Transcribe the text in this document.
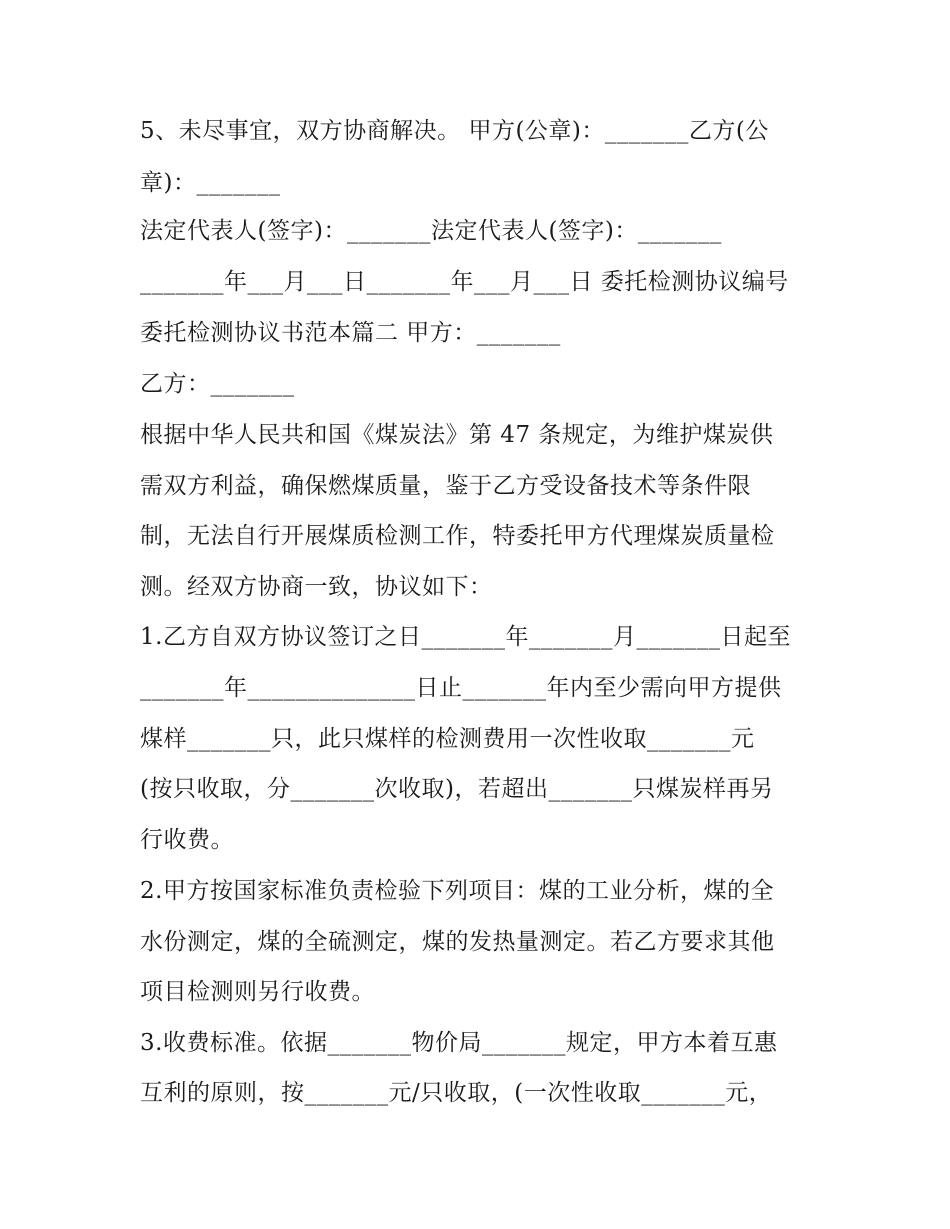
5、未尽事宜，双方协商解决。 甲方(公章)：_______乙方(公
章)：_______
法定代表人(签字)：_______法定代表人(签字)：_______
_______年___月___日_______年___月___日 委托检测协议编号
委托检测协议书范本篇二 甲方：_______
乙方：_______
根据中华人民共和国《煤炭法》第 47 条规定，为维护煤炭供
需双方利益，确保燃煤质量，鉴于乙方受设备技术等条件限
制，无法自行开展煤质检测工作，特委托甲方代理煤炭质量检
测。经双方协商一致，协议如下：
1.乙方自双方协议签订之日_______年_______月_______日起至
_______年______________日止_______年内至少需向甲方提供
煤样_______只，此只煤样的检测费用一次性收取_______元
(按只收取，分_______次收取)，若超出_______只煤炭样再另
行收费。
2.甲方按国家标准负责检验下列项目：煤的工业分析，煤的全
水份测定，煤的全硫测定，煤的发热量测定。若乙方要求其他
项目检测则另行收费。
3.收费标准。依据_______物价局_______规定，甲方本着互惠
互利的原则，按_______元/只收取，(一次性收取_______元，
